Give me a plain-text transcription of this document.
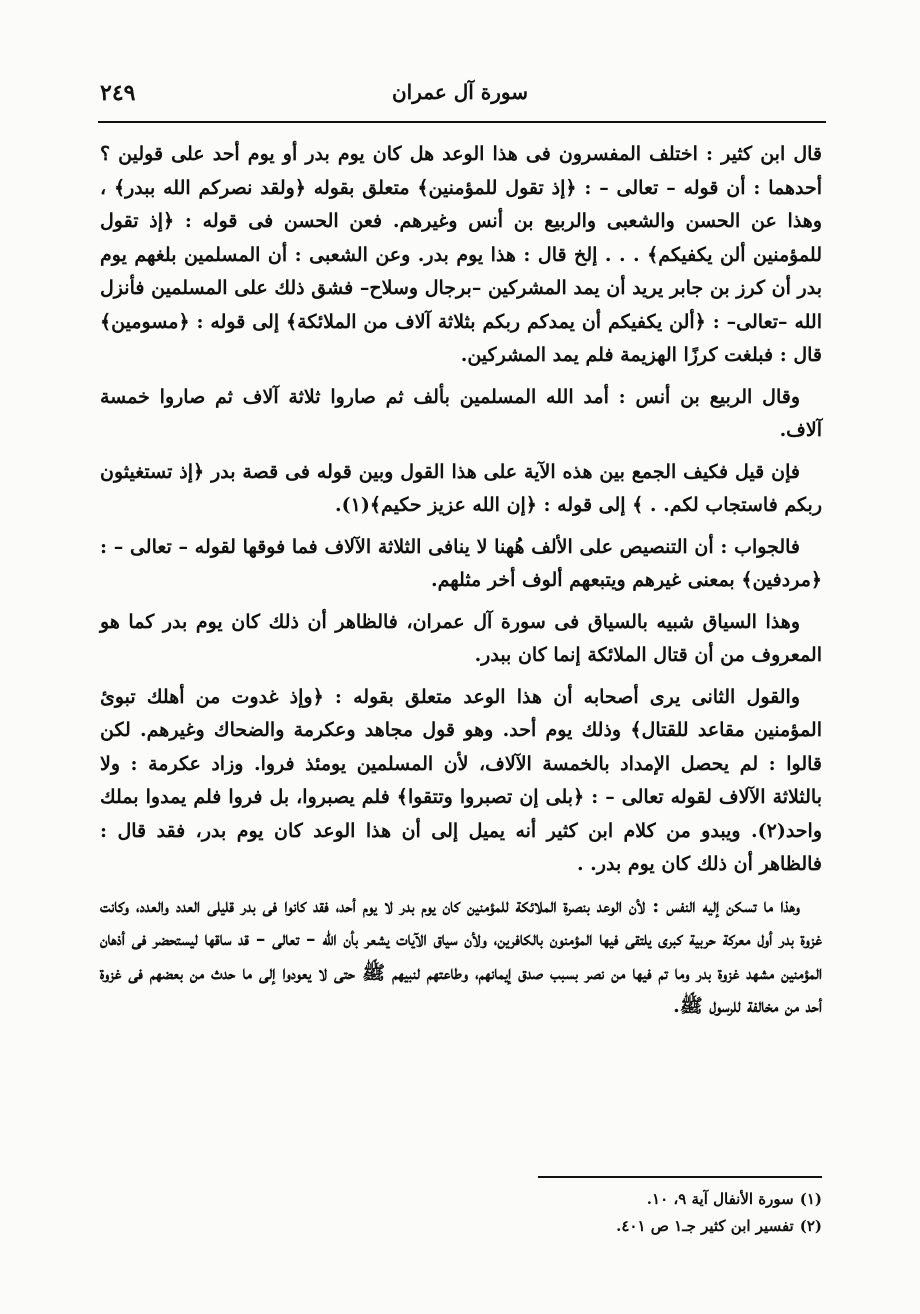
٢٤٩	سورة آل عمران

قال ابن كثير : اختلف المفسرون فى هذا الوعد هل كان يوم بدر أو يوم أحد على قولين ؟ أحدهما : أن قوله – تعالى – : ﴿إذ تقول للمؤمنين﴾ متعلق بقوله ﴿ولقد نصركم الله ببدر﴾ ، وهذا عن الحسن والشعبى والربيع بن أنس وغيرهم. فعن الحسن فى قوله : ﴿إذ تقول للمؤمنين ألن يكفيكم﴾ . . . إلخ قال : هذا يوم بدر. وعن الشعبى : أن المسلمين بلغهم يوم بدر أن كرز بن جابر يريد أن يمد المشركين –برجال وسلاح– فشق ذلك على المسلمين فأنزل الله –تعالى– : ﴿ألن يكفيكم أن يمدكم ربكم بثلاثة آلاف من الملائكة﴾ إلى قوله : ﴿مسومين﴾ قال : فبلغت كرزًا الهزيمة فلم يمد المشركين.

وقال الربيع بن أنس : أمد الله المسلمين بألف ثم صاروا ثلاثة آلاف ثم صاروا خمسة آلاف.

فإن قيل فكيف الجمع بين هذه الآية على هذا القول وبين قوله فى قصة بدر ﴿إذ تستغيثون ربكم فاستجاب لكم. . ﴾ إلى قوله : ﴿إن الله عزيز حكيم﴾(١).

فالجواب : أن التنصيص على الألف هُهنا لا ينافى الثلاثة الآلاف فما فوقها لقوله – تعالى – : ﴿مردفين﴾ بمعنى غيرهم ويتبعهم ألوف أخر مثلهم.

وهذا السياق شبيه بالسياق فى سورة آل عمران، فالظاهر أن ذلك كان يوم بدر كما هو المعروف من أن قتال الملائكة إنما كان ببدر.

والقول الثانى يرى أصحابه أن هذا الوعد متعلق بقوله : ﴿وإذ غدوت من أهلك تبوئ المؤمنين مقاعد للقتال﴾ وذلك يوم أحد. وهو قول مجاهد وعكرمة والضحاك وغيرهم. لكن قالوا : لم يحصل الإمداد بالخمسة الآلاف، لأن المسلمين يومئذ فروا. وزاد عكرمة : ولا بالثلاثة الآلاف لقوله تعالى – : ﴿بلى إن تصبروا وتتقوا﴾ فلم يصبروا، بل فروا فلم يمدوا بملك واحد(٢). ويبدو من كلام ابن كثير أنه يميل إلى أن هذا الوعد كان يوم بدر، فقد قال : فالظاهر أن ذلك كان يوم بدر. .

وهذا ما تسكن إليه النفس : لأن الوعد بنصرة الملائكة للمؤمنين كان يوم بدر لا يوم أحد، فقد كانوا فى بدر قليلى العدد والعدد، وكانت غزوة بدر أول معركة حربية كبرى يلتقى فيها المؤمنون بالكافرين، ولأن سياق الآيات يشعر بأن الله – تعالى – قد ساقها ليستحضر فى أذهان المؤمنين مشهد غزوة بدر وما تم فيها من نصر بسبب صدق إيمانهم، وطاعتهم لنبيهم ﷺ حتى لا يعودوا إلى ما حدث من بعضهم فى غزوة أحد من مخالفة للرسول ﷺ.

(١)سورة الأنفال آية ٩، ١٠.

(٢)تفسير ابن كثير جـ١ ص ٤٠١.
